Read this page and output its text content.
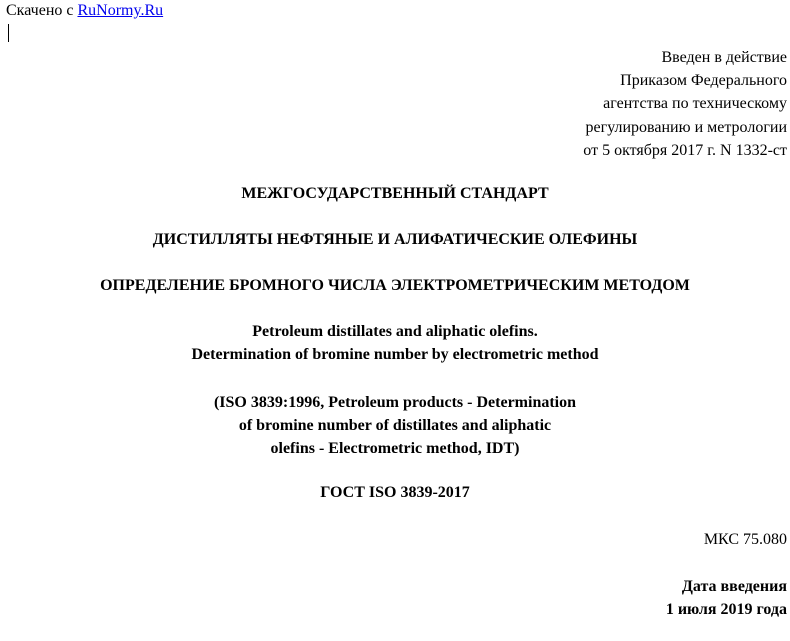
Скачено с RuNormy.Ru
Введен в действие
Приказом Федерального
агентства по техническому
регулированию и метрологии
от 5 октября 2017 г. N 1332-ст
МЕЖГОСУДАРСТВЕННЫЙ СТАНДАРТ
ДИСТИЛЛЯТЫ НЕФТЯНЫЕ И АЛИФАТИЧЕСКИЕ ОЛЕФИНЫ
ОПРЕДЕЛЕНИЕ БРОМНОГО ЧИСЛА ЭЛЕКТРОМЕТРИЧЕСКИМ МЕТОДОМ
Petroleum distillates and aliphatic olefins.
Determination of bromine number by electrometric method
(ISO 3839:1996, Petroleum products - Determination
of bromine number of distillates and aliphatic
olefins - Electrometric method, IDT)
ГОСТ ISO 3839-2017
МКС 75.080
Дата введения
1 июля 2019 года
